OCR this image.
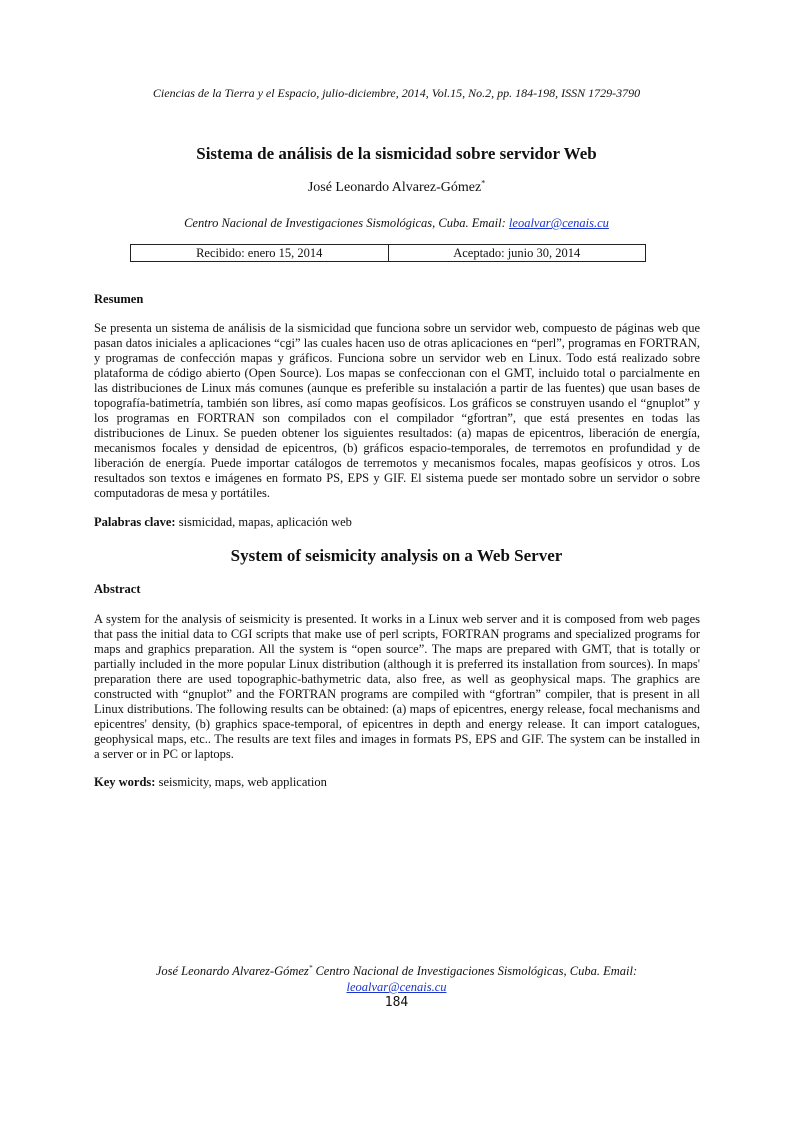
Ciencias de la Tierra y el Espacio, julio-diciembre, 2014, Vol.15, No.2, pp. 184-198, ISSN 1729-3790
Sistema de análisis de la sismicidad sobre servidor Web
José Leonardo Alvarez-Gómez*
Centro Nacional de Investigaciones Sismológicas, Cuba. Email: leoalvar@cenais.cu
Recibido: enero 15, 2014	Aceptado: junio 30, 2014
Resumen

Se presenta un sistema de análisis de la sismicidad que funciona sobre un servidor web, compuesto de páginas web que pasan datos iniciales a aplicaciones “cgi” las cuales hacen uso de otras aplicaciones en “perl”, programas en FORTRAN, y programas de confección mapas y gráficos. Funciona sobre un servidor web en Linux. Todo está realizado sobre plataforma de código abierto (Open Source). Los mapas se confeccionan con el GMT, incluido total o parcialmente en las distribuciones de Linux más comunes (aunque es preferible su instalación a partir de las fuentes) que usan bases de topografía-batimetría, también son libres, así como mapas geofísicos. Los gráficos se construyen usando el “gnuplot” y los programas en FORTRAN son compilados con el compilador “gfortran”, que está presentes en todas las distribuciones de Linux. Se pueden obtener los siguientes resultados: (a) mapas de epicentros, liberación de energía, mecanismos focales y densidad de epicentros, (b) gráficos espacio-temporales, de terremotos en profundidad y de liberación de energía. Puede importar catálogos de terremotos y mecanismos focales, mapas geofísicos y otros. Los resultados son textos e imágenes en formato PS, EPS y GIF. El sistema puede ser montado sobre un servidor o sobre computadoras de mesa y portátiles.

Palabras clave: sismicidad, mapas, aplicación web
System of seismicity analysis on a Web Server
Abstract

A system for the analysis of seismicity is presented. It works in a Linux web server and it is composed from web pages that pass the initial data to CGI scripts that make use of perl scripts, FORTRAN programs and specialized programs for maps and graphics preparation. All the system is “open source”. The maps are prepared with GMT, that is totally or partially included in the more popular Linux distribution (although it is preferred its installation from sources). In maps' preparation there are used topographic-bathymetric data, also free, as well as geophysical maps. The graphics are constructed with “gnuplot” and the FORTRAN programs are compiled with “gfortran” compiler, that is present in all Linux distributions. The following results can be obtained: (a) maps of epicentres, energy release, focal mechanisms and epicentres' density, (b) graphics space-temporal, of epicentres in depth and energy release. It can import catalogues, geophysical maps, etc.. The results are text files and images in formats PS, EPS and GIF. The system can be installed in a server or in PC or laptops.

Key words: seismicity, maps, web application
José Leonardo Alvarez-Gómez* Centro Nacional de Investigaciones Sismológicas, Cuba. Email:
leoalvar@cenais.cu
184
